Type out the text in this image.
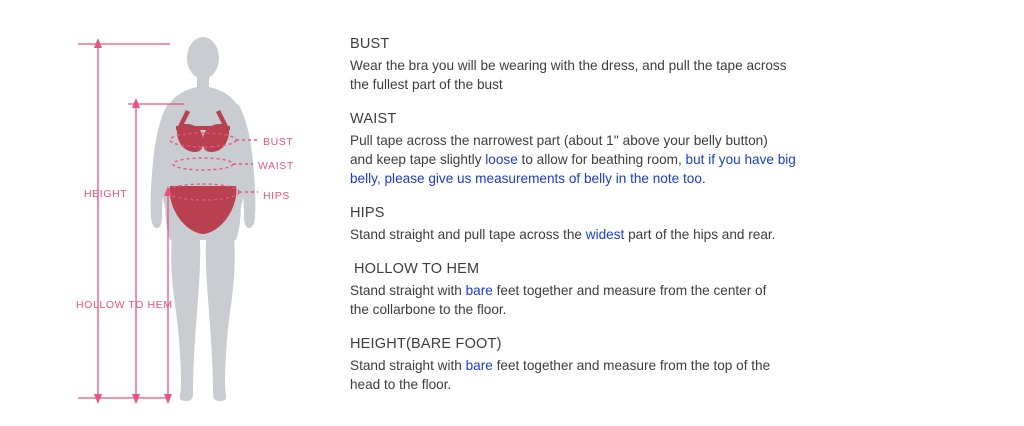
BUST
WAIST
HIPS
HEIGHT
HOLLOW TO HEM
BUST

Wear the bra you will be wearing with the dress, and pull the tape across
the fullest part of the bust

WAIST

Pull tape across the narrowest part (about 1'' above your belly button)
and keep tape slightly loose to allow for beathing room, but if you have big
belly, please give us measurements of belly in the note too.

HIPS

Stand straight and pull tape across the widest part of the hips and rear.

HOLLOW TO HEM

Stand straight with bare feet together and measure from the center of
the collarbone to the floor.

HEIGHT(BARE FOOT)

Stand straight with bare feet together and measure from the top of the
head to the floor.
